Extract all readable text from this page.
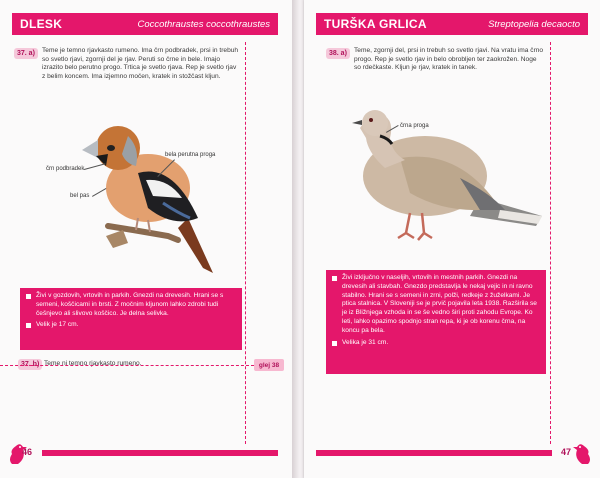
DLESK	Coccothraustes coccothraustes
37. a)	Teme je temno rjavkasto rumeno. Ima črn podbradek, prsi in trebuh so svetlo rjavi, zgornji del je rjav. Peruti so črne in bele. Imajo izrazito belo perutno progo. Trtica je svetlo rjava. Rep je svetlo rjav z belim koncem. Ima izjemno močen, kratek in stožčast kljun.
črn podbradek
bela perutna proga
bel pas
Živi v gozdovih, vrtovih in parkih. Gnezdi na drevesih. Hrani se s semeni, koščicami in brsti. Z močnim kljunom lahko zdrobi tudi češnjevo ali slivovo koščico. Je delna selivka.
Velik je 17 cm.
37. b) Teme ni temno rjavkasto rumeno.	glej 38
46
TURŠKA GRLICA	Streptopelia decaocto
38. a)	Teme, zgornji del, prsi in trebuh so svetlo rjavi. Na vratu ima črno progo. Rep je svetlo rjav in belo obrobljen ter zaokrožen. Noge so rdečkaste. Kljun je rjav, kratek in tanek.
črna proga
Živi izključno v naseljih, vrtovih in mestnih parkih. Gnezdi na drevesih ali stavbah. Gnezdo predstavlja le nekaj vejic in ni ravno stabilno. Hrani se s semeni in zrni, polži, redkeje z žuželkami. Je ptica stalnica. V Sloveniji se je prvič pojavila leta 1938. Razširila se je iz Bližnjega vzhoda in se še vedno širi proti zahodu Evrope. Ko leti, lahko opazimo spodnjo stran repa, ki je ob korenu črna, na koncu pa bela.
Velika je 31 cm.
47
